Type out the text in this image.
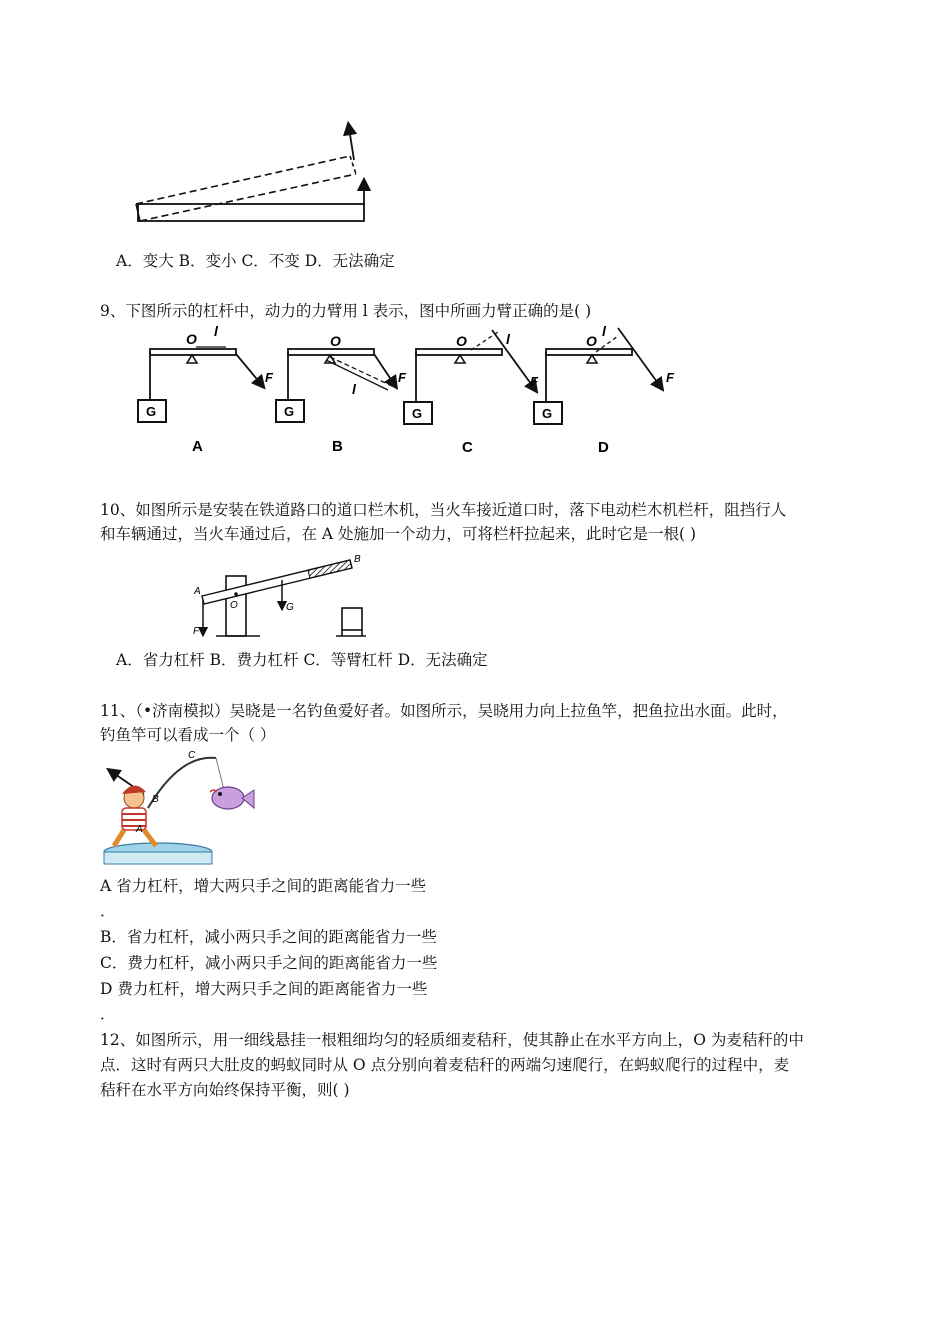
A．变大 B．变小 C．不变 D．无法确定
9、下图所示的杠杆中，动力的力臂用 l 表示，图中所画力臂正确的是( )
G
O l
F
A
G
O
l
F
B
G
O	l
F
C
G
O
l
F
D
10、如图所示是安装在铁道路口的道口栏木机，当火车接近道口时，落下电动栏木机栏杆，阻挡行人
和车辆通过，当火车通过后，在 A 处施加一个动力，可将栏杆拉起来，此时它是一根( )
A
B
O	G
F
A．省力杠杆 B．费力杠杆 C．等臂杠杆 D．无法确定
11、（•济南模拟）吴晓是一名钓鱼爱好者。如图所示，吴晓用力向上拉鱼竿，把鱼拉出水面。此时，
钓鱼竿可以看成一个（ ）
B
C
A
A 省力杠杆，增大两只手之间的距离能省力一些
．
B．省力杠杆，减小两只手之间的距离能省力一些
C．费力杠杆，减小两只手之间的距离能省力一些
D 费力杠杆，增大两只手之间的距离能省力一些
．
12、如图所示，用一细线悬挂一根粗细均匀的轻质细麦秸秆，使其静止在水平方向上，O 为麦秸秆的中
点．这时有两只大肚皮的蚂蚁同时从 O 点分别向着麦秸秆的两端匀速爬行，在蚂蚁爬行的过程中，麦
秸秆在水平方向始终保持平衡，则( )
